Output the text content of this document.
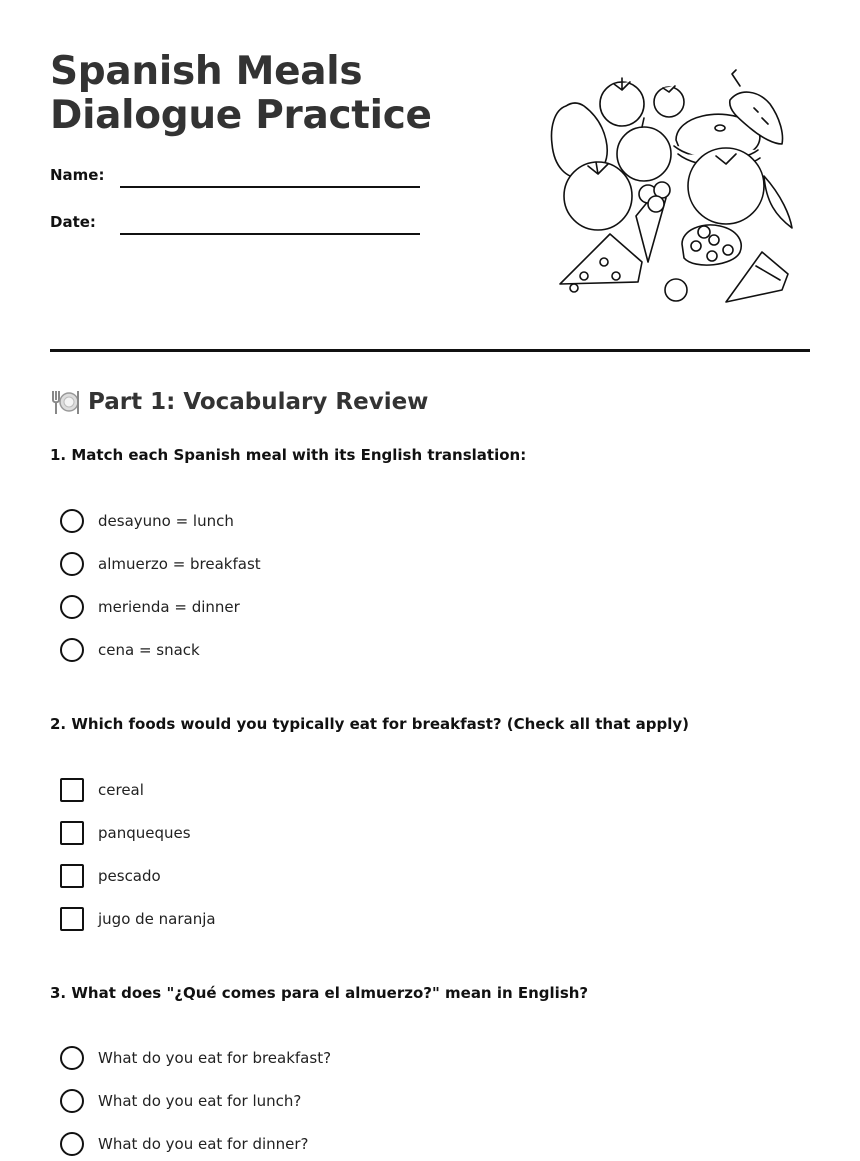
Spanish Meals Dialogue Practice
Name:
Date:
Part 1: Vocabulary Review

1. Match each Spanish meal with its English translation:

desayuno = lunch
almuerzo = breakfast
merienda = dinner
cena = snack

2. Which foods would you typically eat for breakfast? (Check all that apply)

cereal
panqueques
pescado
jugo de naranja

3. What does "¿Qué comes para el almuerzo?" mean in English?

What do you eat for breakfast?
What do you eat for lunch?
What do you eat for dinner?
